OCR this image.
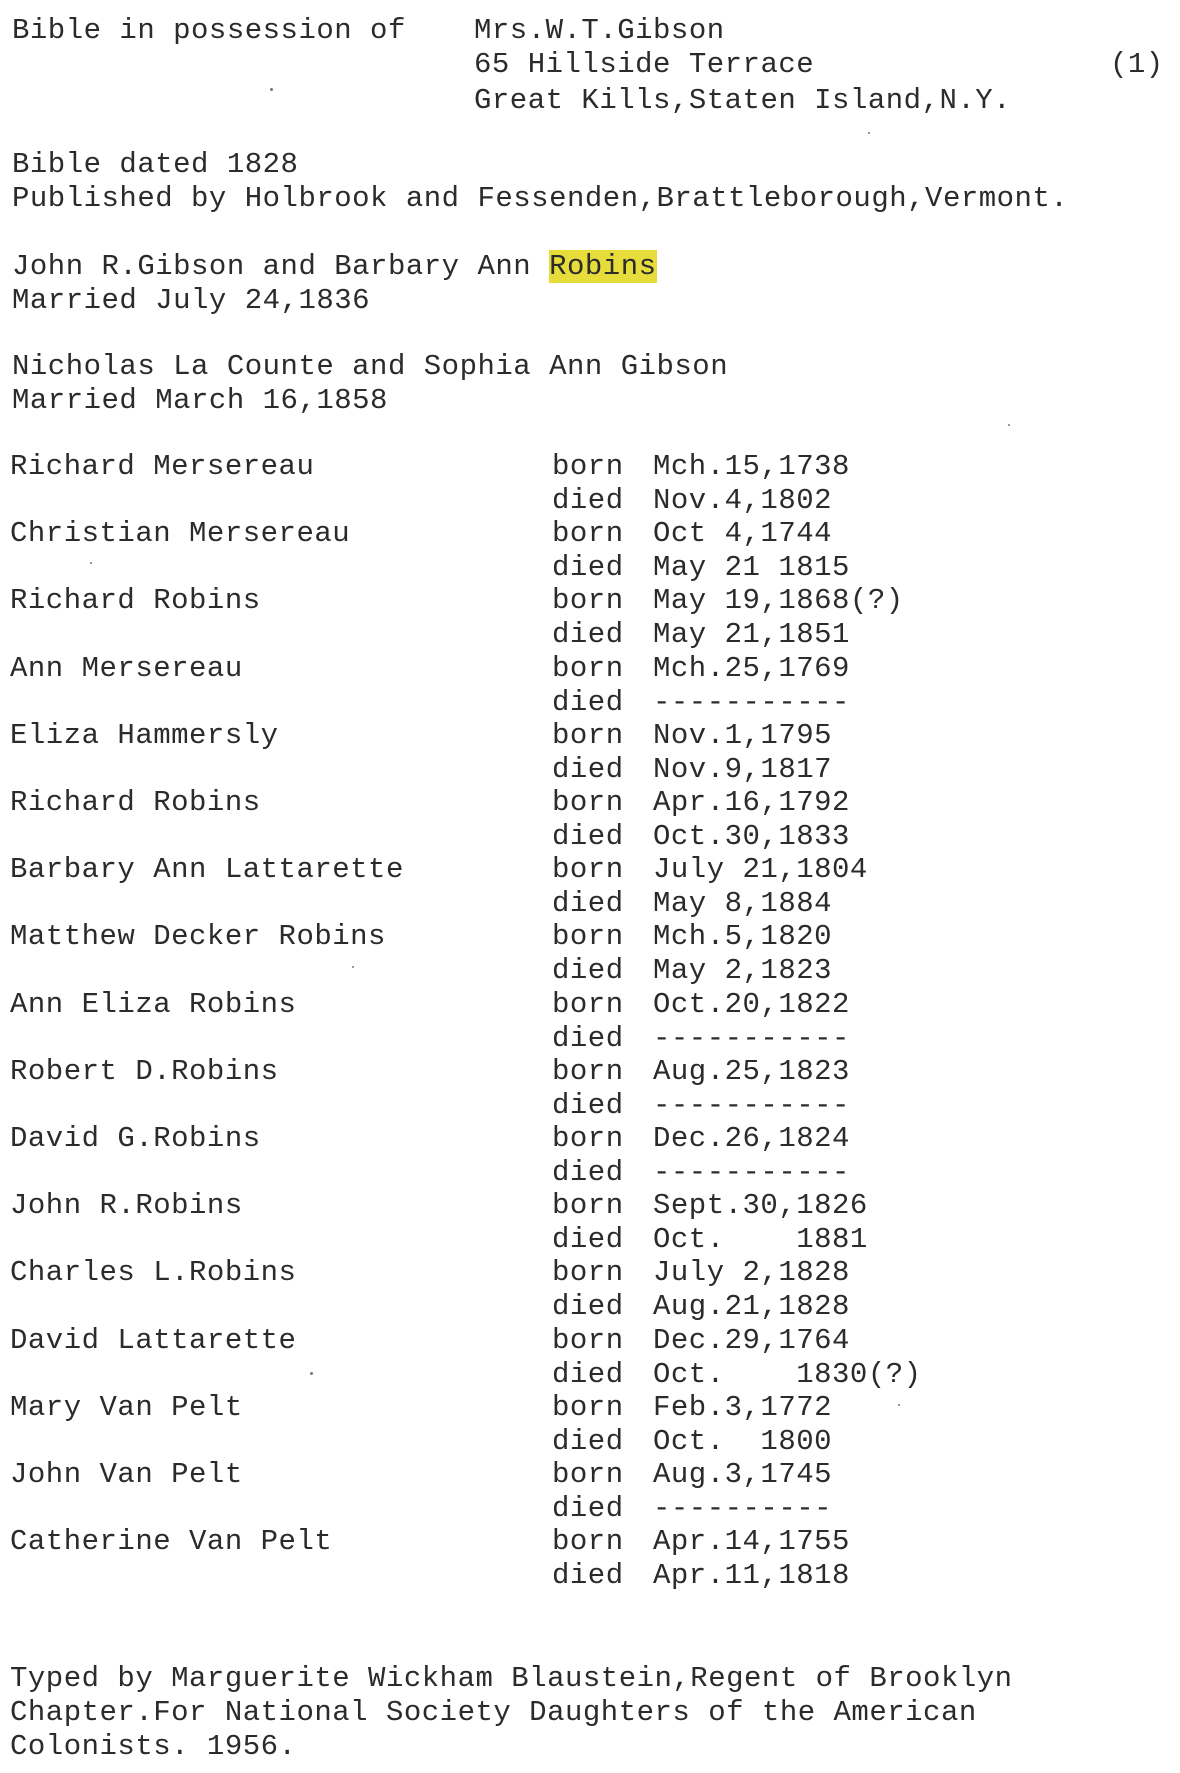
Bible in possession of Mrs.W.T.Gibson
65 Hillside Terrace	(1)
Great Kills,Staten Island,N.Y.
Bible dated 1828
Published by Holbrook and Fessenden,Brattleborough,Vermont.
John R.Gibson and Barbary Ann Robins
Married July 24,1836
Nicholas La Counte and Sophia Ann Gibson
Married March 16,1858
Richard Mersereau	born Mch.15,1738
died Nov.4,1802
Christian Mersereau	born Oct 4,1744
died May 21 1815
Richard Robins	born May 19,1868(?)
died May 21,1851
Ann Mersereau	born Mch.25,1769
died -----------
Eliza Hammersly	born Nov.1,1795
died Nov.9,1817
Richard Robins	born Apr.16,1792
died Oct.30,1833
Barbary Ann Lattarette	born July 21,1804
died May 8,1884
Matthew Decker Robins	born Mch.5,1820
died May 2,1823
Ann Eliza Robins	born Oct.20,1822
died -----------
Robert D.Robins	born Aug.25,1823
died -----------
David G.Robins	born Dec.26,1824
died -----------
John R.Robins	born Sept.30,1826
died Oct.    1881
Charles L.Robins	born July 2,1828
died Aug.21,1828
David Lattarette	born Dec.29,1764
died Oct.    1830(?)
Mary Van Pelt	born Feb.3,1772
died Oct.  1800
John Van Pelt	born Aug.3,1745
died ----------
Catherine Van Pelt	born Apr.14,1755
died Apr.11,1818
Typed by Marguerite Wickham Blaustein,Regent of Brooklyn
Chapter.For National Society Daughters of the American
Colonists. 1956.
